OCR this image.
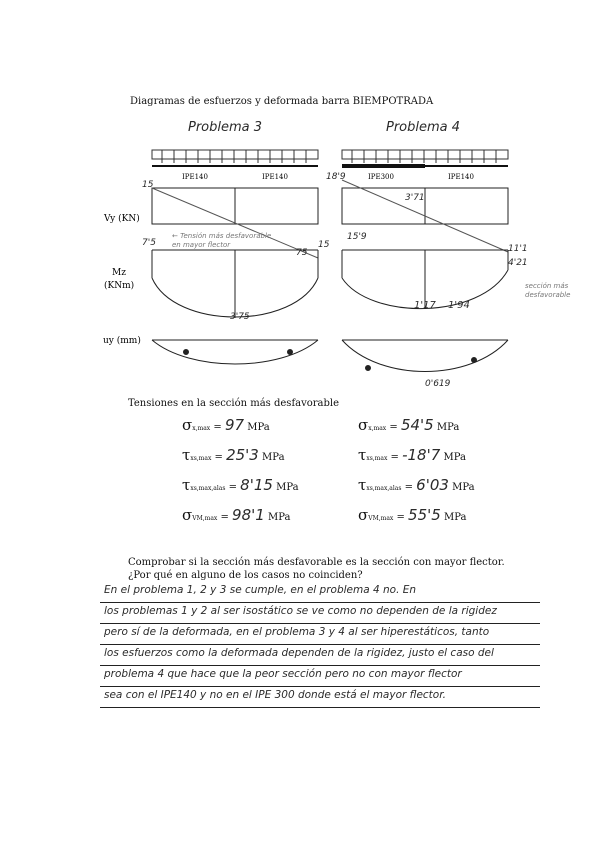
Diagramas de esfuerzos y deformada barra BIEMPOTRADA
Problema 3	Problema 4
Vy (KN)
Mz
(KNm)
uy (mm)
IPE140	IPE140	IPE300	IPE140
15
75
15
7'5
3'75
← Tensión más desfavorable en mayor flector
18'9
3'71
11'1
15'9
4'21
1'17 1'94
0'619
sección más desfavorable
Tensiones en la sección más desfavorable
σx,max = 97 MPa
τxs,max = 25'3 MPa
τxs,max,alas = 8'15 MPa
σVM,max = 98'1 MPa
σx,max = 54'5 MPa
τxs,max = -18'7 MPa
τxs,max,alas = 6'03 MPa
σVM,max = 55'5 MPa
Comprobar si la sección más desfavorable es la sección con mayor flector. ¿Por qué en alguno de los casos no coinciden?
En el problema 1, 2 y 3 se cumple, en el problema 4 no. En
los problemas 1 y 2 al ser isostático se ve como no dependen de la rigidez
pero sí de la deformada, en el problema 3 y 4 al ser hiperestáticos, tanto
los esfuerzos como la deformada dependen de la rigidez, justo el caso del
problema 4 que hace que la peor sección pero no con mayor flector
sea con el IPE140 y no en el IPE 300 donde está el mayor flector.
